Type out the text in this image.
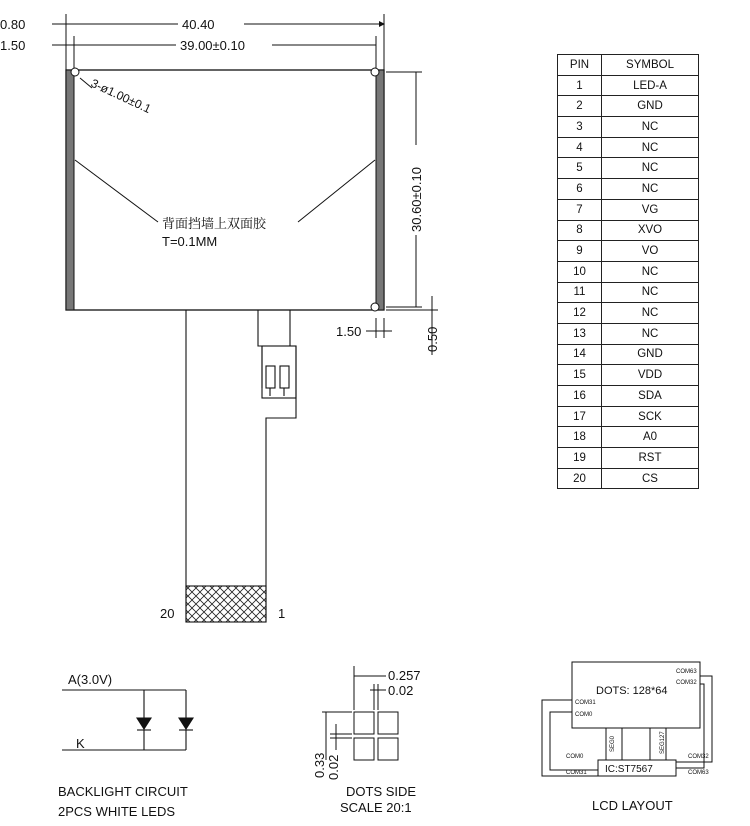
0.80
1.50
40.40
39.00±0.10
3-ø1.00±0.1
背面挡墙上双面胶
T=0.1MM
30.60±0.10
0.50
1.50
20	1
A(3.0V)
K
BACKLIGHT CIRCUIT
2PCS WHITE LEDS
0.257
0.02
0.33 0.02
DOTS SIDE
SCALE 20:1
DOTS: 128*64
COM63
COM32
COM31
COM0
SEG0	SEG127
COM0	COM32
COM31	COM63
IC:ST7567
LCD LAYOUT
PIN	SYMBOL
1	LED-A
2	GND
3	NC
4	NC
5	NC
6	NC
7	VG
8	XVO
9	VO
10	NC
11	NC
12	NC
13	NC
14	GND
15	VDD
16	SDA
17	SCK
18	A0
19	RST
20	CS
